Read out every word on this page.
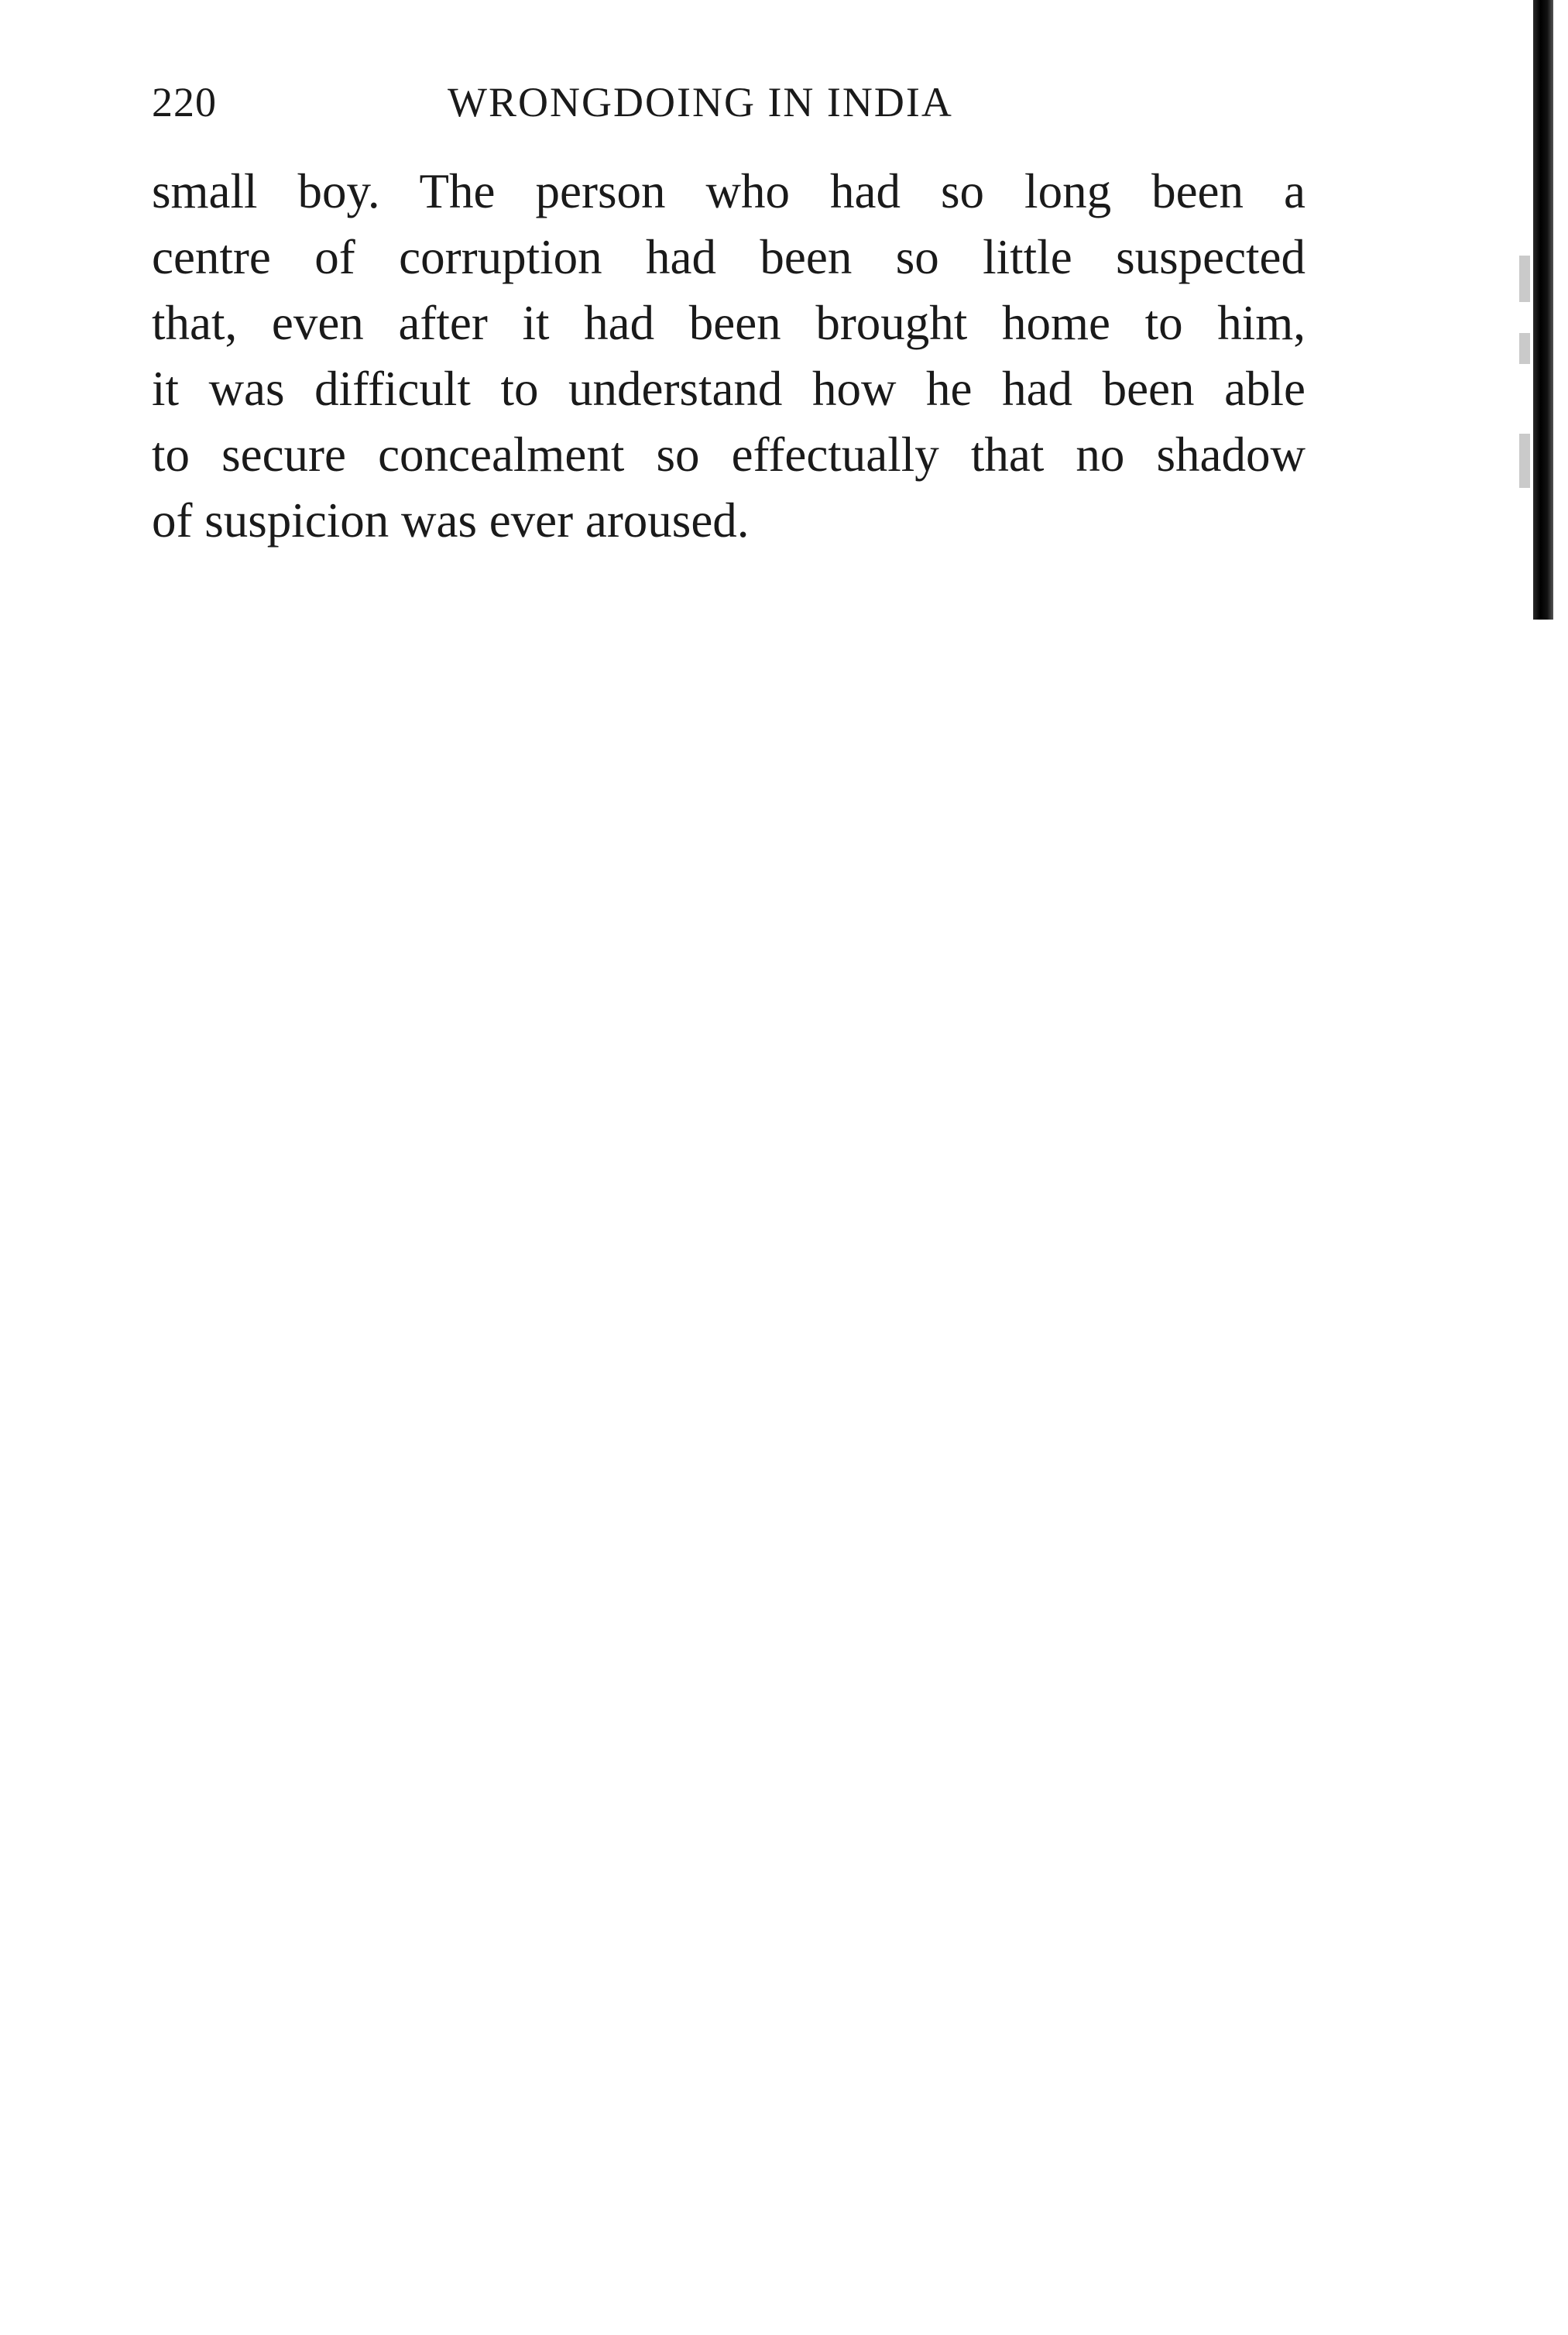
220	WRONGDOING IN INDIA
small boy. The person who had so long been a
centre of corruption had been so little suspected
that, even after it had been brought home to him,
it was difficult to understand how he had been able
to secure concealment so effectually that no shadow
of suspicion was ever aroused.
